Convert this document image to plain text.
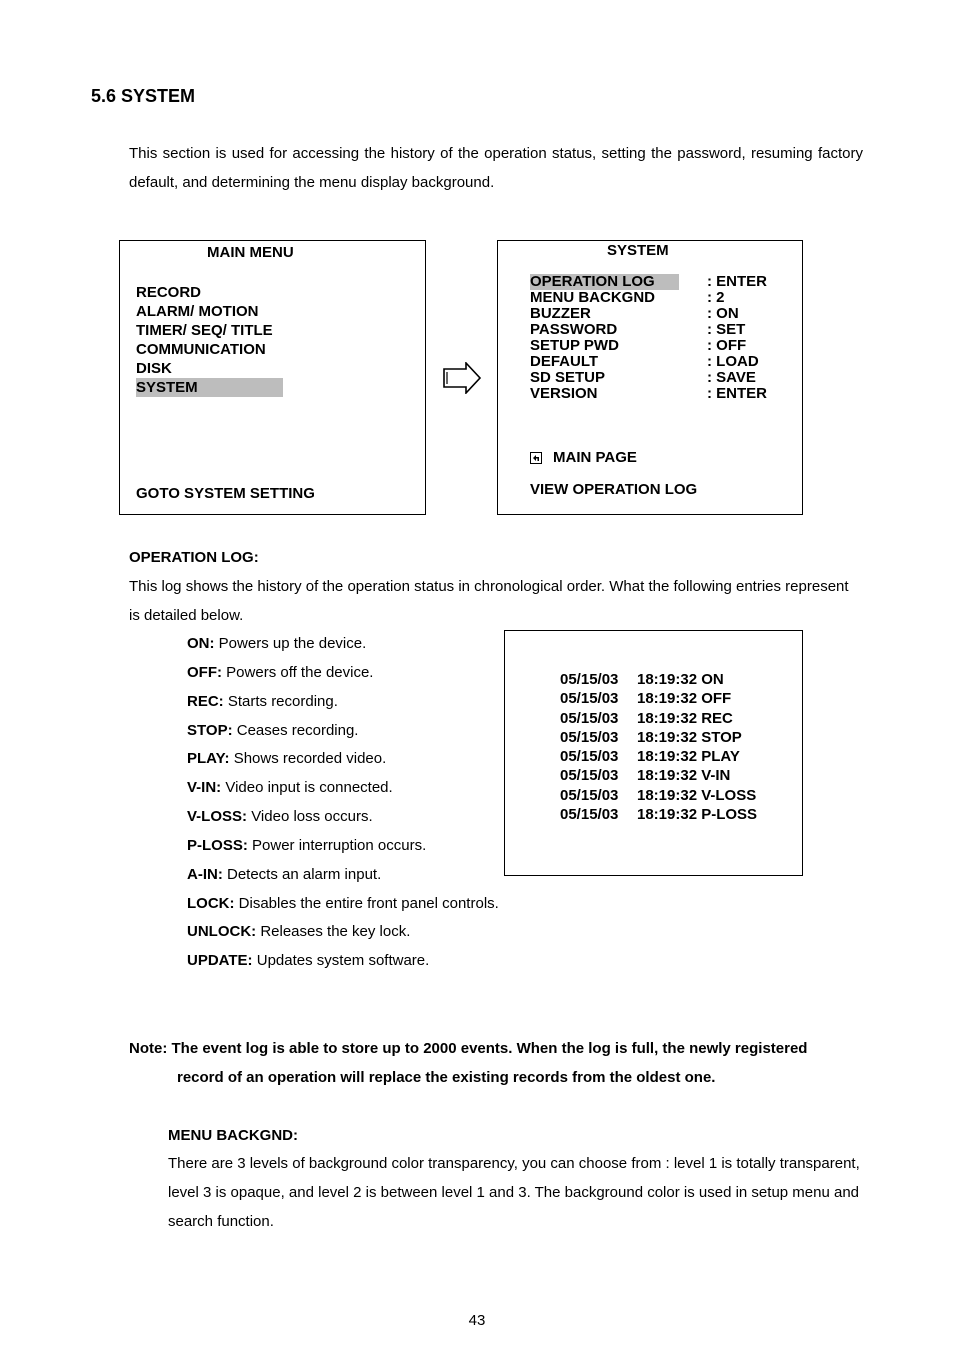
5.6 SYSTEM
This section is used for accessing the history of the operation status, setting the password, resuming factory default, and determining the menu display background.
MAIN MENU
RECORD
ALARM/ MOTION
TIMER/ SEQ/ TITLE
COMMUNICATION
DISK
SYSTEM
GOTO SYSTEM SETTING
SYSTEM
OPERATION LOG	: ENTER
MENU BACKGND	: 2
BUZZER	: ON
PASSWORD	: SET
SETUP PWD	: OFF
DEFAULT	: LOAD
SD SETUP	: SAVE
VERSION	: ENTER
MAIN PAGE
VIEW OPERATION LOG
OPERATION LOG:
This log shows the history of the operation status in chronological order. What the following entries represent is detailed below.
ON: Powers up the device.
OFF: Powers off the device.
REC: Starts recording.
STOP: Ceases recording.
PLAY: Shows recorded video.
V-IN: Video input is connected.
V-LOSS: Video loss occurs.
P-LOSS: Power interruption occurs.
A-IN: Detects an alarm input.
LOCK: Disables the entire front panel controls.
UNLOCK: Releases the key lock.
UPDATE: Updates system software.
05/15/03 18:19:32 ON
05/15/03 18:19:32 OFF
05/15/03 18:19:32 REC
05/15/03 18:19:32 STOP
05/15/03 18:19:32 PLAY
05/15/03 18:19:32 V-IN
05/15/03 18:19:32 V-LOSS
05/15/03 18:19:32 P-LOSS
Note: The event log is able to store up to 2000 events. When the log is full, the newly registered
record of an operation will replace the existing records from the oldest one.
MENU BACKGND:
There are 3 levels of background color transparency, you can choose from : level 1 is totally transparent, level 3 is opaque, and level 2 is between level 1 and 3. The background color is used in setup menu and search function.
43
